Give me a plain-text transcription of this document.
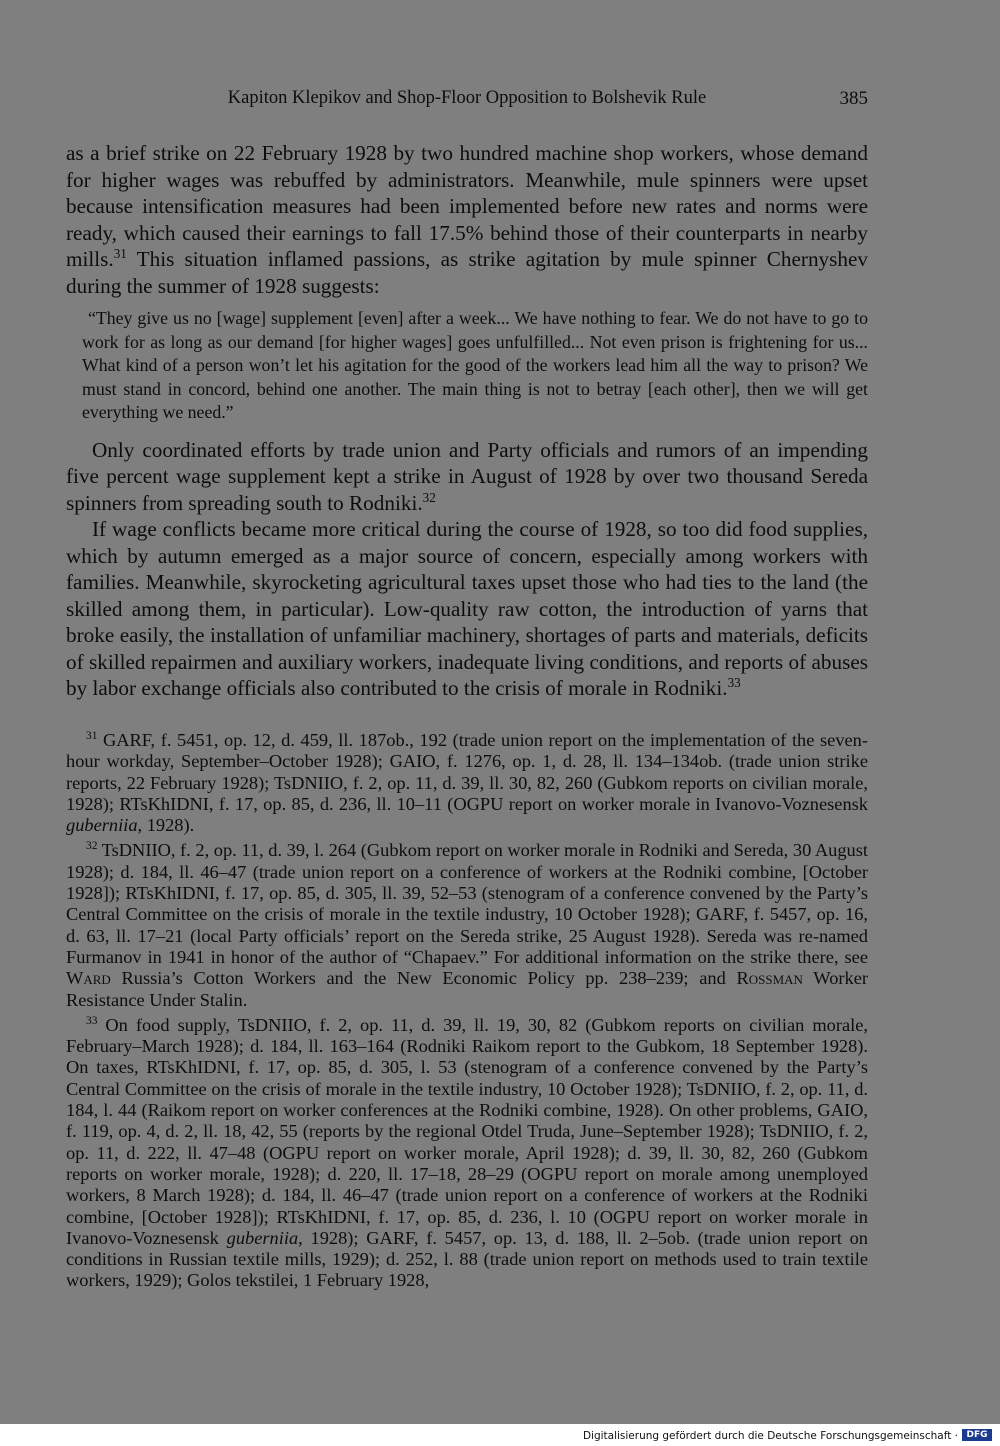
Kapiton Klepikov and Shop-Floor Opposition to Bolshevik Rule	385

as a brief strike on 22 February 1928 by two hundred machine shop workers, whose demand for higher wages was rebuffed by administrators. Meanwhile, mule spinners were upset because intensification measures had been implemented before new rates and norms were ready, which caused their earnings to fall 17.5% behind those of their counterparts in nearby mills.$^{31}$ This situation inflamed passions, as strike agitation by mule spinner Chernyshev during the summer of 1928 suggests:

“They give us no [wage] supplement [even] after a week... We have nothing to fear. We do not have to go to work for as long as our demand [for higher wages] goes unfulfilled... Not even prison is frightening for us... What kind of a person won’t let his agitation for the good of the workers lead him all the way to prison? We must stand in concord, behind one another. The main thing is not to betray [each other], then we will get everything we need.”

Only coordinated efforts by trade union and Party officials and rumors of an impending five percent wage supplement kept a strike in August of 1928 by over two thousand Sereda spinners from spreading south to Rodniki.$^{32}$

If wage conflicts became more critical during the course of 1928, so too did food supplies, which by autumn emerged as a major source of concern, especially among workers with families. Meanwhile, skyrocketing agricultural taxes upset those who had ties to the land (the skilled among them, in particular). Low-quality raw cotton, the introduction of yarns that broke easily, the installation of unfamiliar machinery, shortages of parts and materials, deficits of skilled repairmen and auxiliary workers, inadequate living conditions, and reports of abuses by labor exchange officials also contributed to the crisis of morale in Rodniki.$^{33}$

$^{31}$ GARF, f. 5451, op. 12, d. 459, ll. 187ob., 192 (trade union report on the implementation of the seven-hour workday, September–October 1928); GAIO, f. 1276, op. 1, d. 28, ll. 134–134ob. (trade union strike reports, 22 February 1928); TsDNIIO, f. 2, op. 11, d. 39, ll. 30, 82, 260 (Gubkom reports on civilian morale, 1928); RTsKhIDNI, f. 17, op. 85, d. 236, ll. 10–11 (OGPU report on worker morale in Ivanovo-Voznesensk guberniia, 1928).

$^{32}$ TsDNIIO, f. 2, op. 11, d. 39, l. 264 (Gubkom report on worker morale in Rodniki and Sereda, 30 August 1928); d. 184, ll. 46–47 (trade union report on a conference of workers at the Rodniki combine, [October 1928]); RTsKhIDNI, f. 17, op. 85, d. 305, ll. 39, 52–53 (stenogram of a conference convened by the Party’s Central Committee on the crisis of morale in the textile industry, 10 October 1928); GARF, f. 5457, op. 16, d. 63, ll. 17–21 (local Party officials’ report on the Sereda strike, 25 August 1928). Sereda was re-named Furmanov in 1941 in honor of the author of “Chapaev.” For additional information on the strike there, see Ward Russia’s Cotton Workers and the New Economic Policy pp. 238–239; and Rossman Worker Resistance Under Stalin.

$^{33}$ On food supply, TsDNIIO, f. 2, op. 11, d. 39, ll. 19, 30, 82 (Gubkom reports on civilian morale, February–March 1928); d. 184, ll. 163–164 (Rodniki Raikom report to the Gubkom, 18 September 1928). On taxes, RTsKhIDNI, f. 17, op. 85, d. 305, l. 53 (stenogram of a conference convened by the Party’s Central Committee on the crisis of morale in the textile industry, 10 October 1928); TsDNIIO, f. 2, op. 11, d. 184, l. 44 (Raikom report on worker conferences at the Rodniki combine, 1928). On other problems, GAIO, f. 119, op. 4, d. 2, ll. 18, 42, 55 (reports by the regional Otdel Truda, June–September 1928); TsDNIIO, f. 2, op. 11, d. 222, ll. 47–48 (OGPU report on worker morale, April 1928); d. 39, ll. 30, 82, 260 (Gubkom reports on worker morale, 1928); d. 220, ll. 17–18, 28–29 (OGPU report on morale among unemployed workers, 8 March 1928); d. 184, ll. 46–47 (trade union report on a conference of workers at the Rodniki combine, [October 1928]); RTsKhIDNI, f. 17, op. 85, d. 236, l. 10 (OGPU report on worker morale in Ivanovo-Voznesensk guberniia, 1928); GARF, f. 5457, op. 13, d. 188, ll. 2–5ob. (trade union report on conditions in Russian textile mills, 1929); d. 252, l. 88 (trade union report on methods used to train textile workers, 1929); Golos tekstilei, 1 February 1928,

Digitalisierung gefördert durch die Deutsche Forschungsgemeinschaft · DFG
